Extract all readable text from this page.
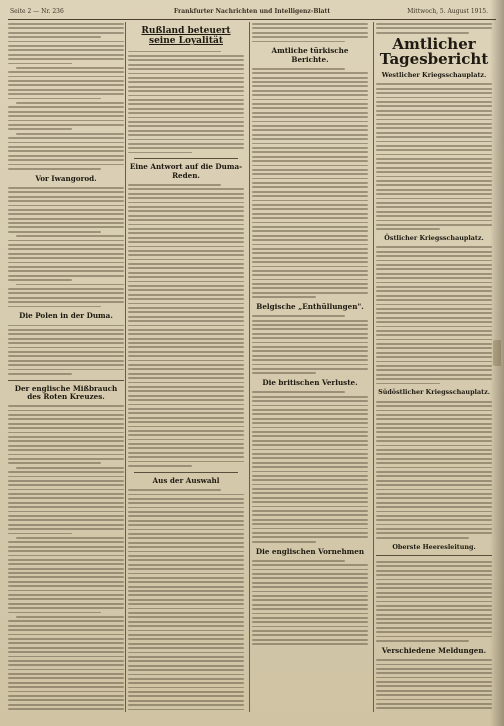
Seite 2 — Nr. 236	Frankfurter Nachrichten und Intelligenz-Blatt	Mittwoch, 5. August 1915.
Vor Iwangorod.
Die Polen in der Duma.
Der englische Mißbrauch des Roten Kreuzes.
Rußland beteuert seine Loyalität
Eine Antwort auf die Duma-Reden.
Aus der Auswahl
Amtliche türkische Berichte.
Belgische „Enthüllungen".
Die britischen Verluste.
Die englischen Vornehmen
Amtlicher Tagesbericht
Westlicher Kriegsschauplatz.
Östlicher Kriegsschauplatz.
Südöstlicher Kriegsschauplatz.
Oberste Heeresleitung.
Verschiedene Meldungen.
